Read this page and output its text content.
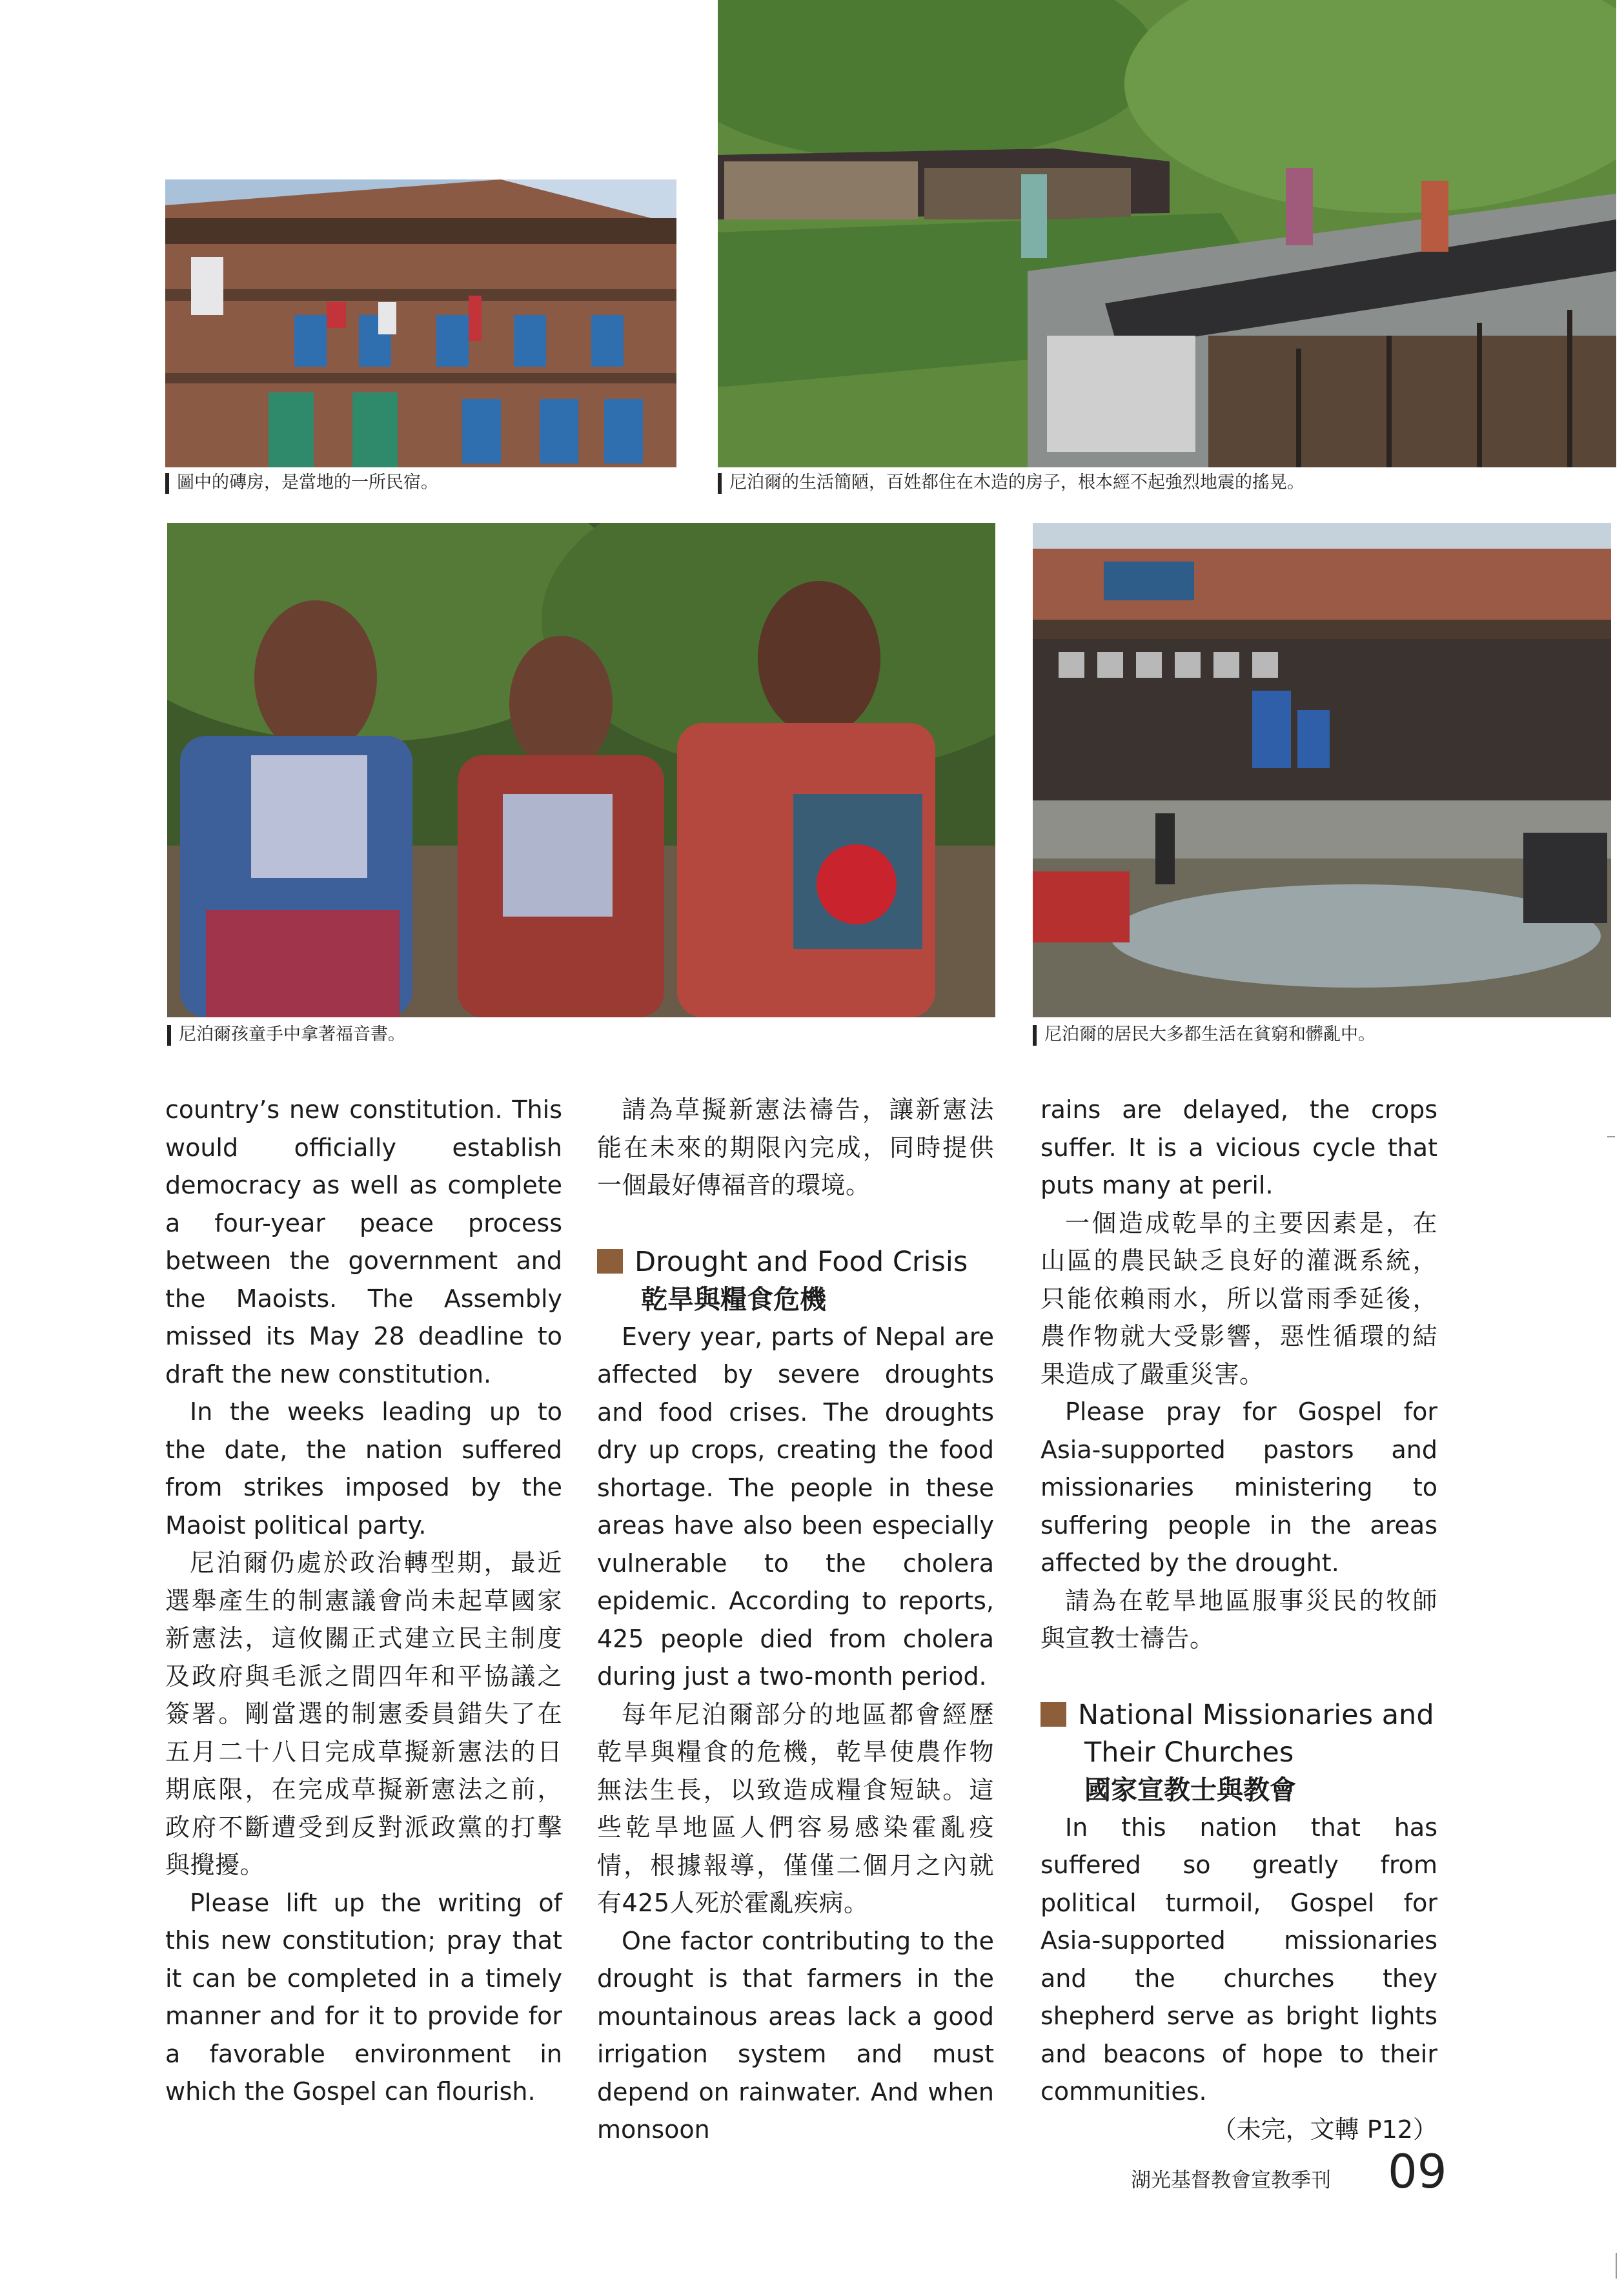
圖中的磚房，是當地的一所民宿。	尼泊爾的生活簡陋，百姓都住在木造的房子，根本經不起強烈地震的搖晃。
尼泊爾孩童手中拿著福音書。	尼泊爾的居民大多都生活在貧窮和髒亂中。

country’s new constitution. This would officially establish democracy as well as complete a four-year peace process between the government and the Maoists. The Assembly missed its May 28 deadline to draft the new constitution.

In the weeks leading up to the date, the nation suffered from strikes imposed by the Maoist political party.

尼泊爾仍處於政治轉型期，最近選舉產生的制憲議會尚未起草國家新憲法，這攸關正式建立民主制度及政府與毛派之間四年和平協議之簽署。剛當選的制憲委員錯失了在五月二十八日完成草擬新憲法的日期底限，在完成草擬新憲法之前，政府不斷遭受到反對派政黨的打擊與攪擾。

Please lift up the writing of this new constitution; pray that it can be completed in a timely manner and for it to provide for a favorable environment in which the Gospel can flourish.

請為草擬新憲法禱告，讓新憲法能在未來的期限內完成，同時提供一個最好傳福音的環境。

Drought and Food Crisis
乾旱與糧食危機

Every year, parts of Nepal are affected by severe droughts and food crises. The droughts dry up crops, creating the food shortage. The people in these areas have also been especially vulnerable to the cholera epidemic. According to reports, 425 people died from cholera during just a two-month period.

每年尼泊爾部分的地區都會經歷乾旱與糧食的危機，乾旱使農作物無法生長，以致造成糧食短缺。這些乾旱地區人們容易感染霍亂疫情，根據報導，僅僅二個月之內就有425人死於霍亂疾病。

One factor contributing to the drought is that farmers in the mountainous areas lack a good irrigation system and must depend on rainwater. And when monsoon

rains are delayed, the crops suffer. It is a vicious cycle that puts many at peril.

一個造成乾旱的主要因素是，在山區的農民缺乏良好的灌溉系統，只能依賴雨水，所以當雨季延後，農作物就大受影響，惡性循環的結果造成了嚴重災害。

Please pray for Gospel for Asia-supported pastors and missionaries ministering to suffering people in the areas affected by the drought.

請為在乾旱地區服事災民的牧師與宣教士禱告。

National Missionaries and
Their Churches
國家宣教士與教會

In this nation that has suffered so greatly from political turmoil, Gospel for Asia-supported missionaries and the churches they shepherd serve as bright lights and beacons of hope to their communities.

（未完，文轉 P12）

湖光基督教會宣教季刊 09
